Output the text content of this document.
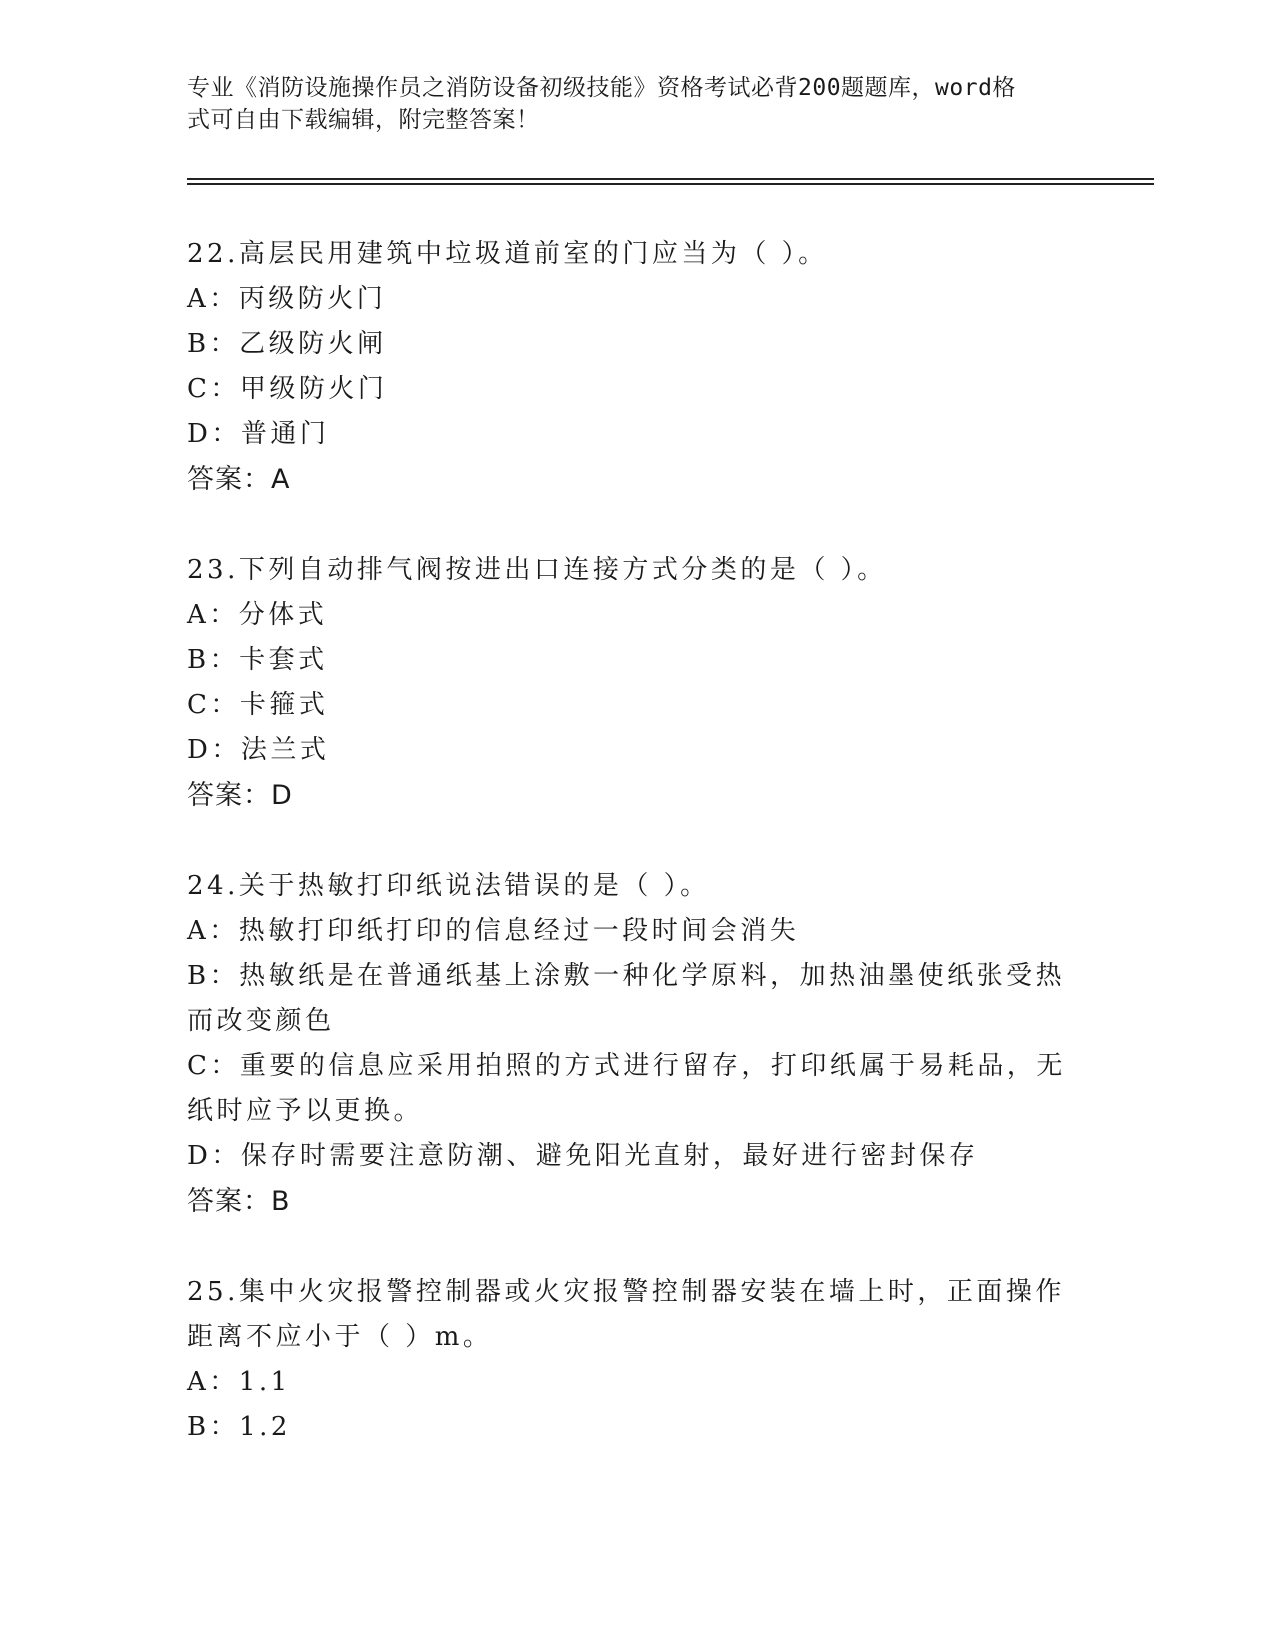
专业《消防设施操作员之消防设备初级技能》资格考试必背200题题库，word格
式可自由下载编辑，附完整答案！
22.高层民用建筑中垃圾道前室的门应当为（ ）。
A：丙级防火门
B：乙级防火闸
C：甲级防火门
D：普通门
答案：A
23.下列自动排气阀按进出口连接方式分类的是（ ）。
A：分体式
B：卡套式
C：卡箍式
D：法兰式
答案：D
24.关于热敏打印纸说法错误的是（ ）。
A：热敏打印纸打印的信息经过一段时间会消失
B：热敏纸是在普通纸基上涂敷一种化学原料，加热油墨使纸张受热而改变颜色
C：重要的信息应采用拍照的方式进行留存，打印纸属于易耗品，无纸时应予以更换。
D：保存时需要注意防潮、避免阳光直射，最好进行密封保存
答案：B
25.集中火灾报警控制器或火灾报警控制器安装在墙上时，正面操作距离不应小于（ ）m。
A：1.1
B：1.2
